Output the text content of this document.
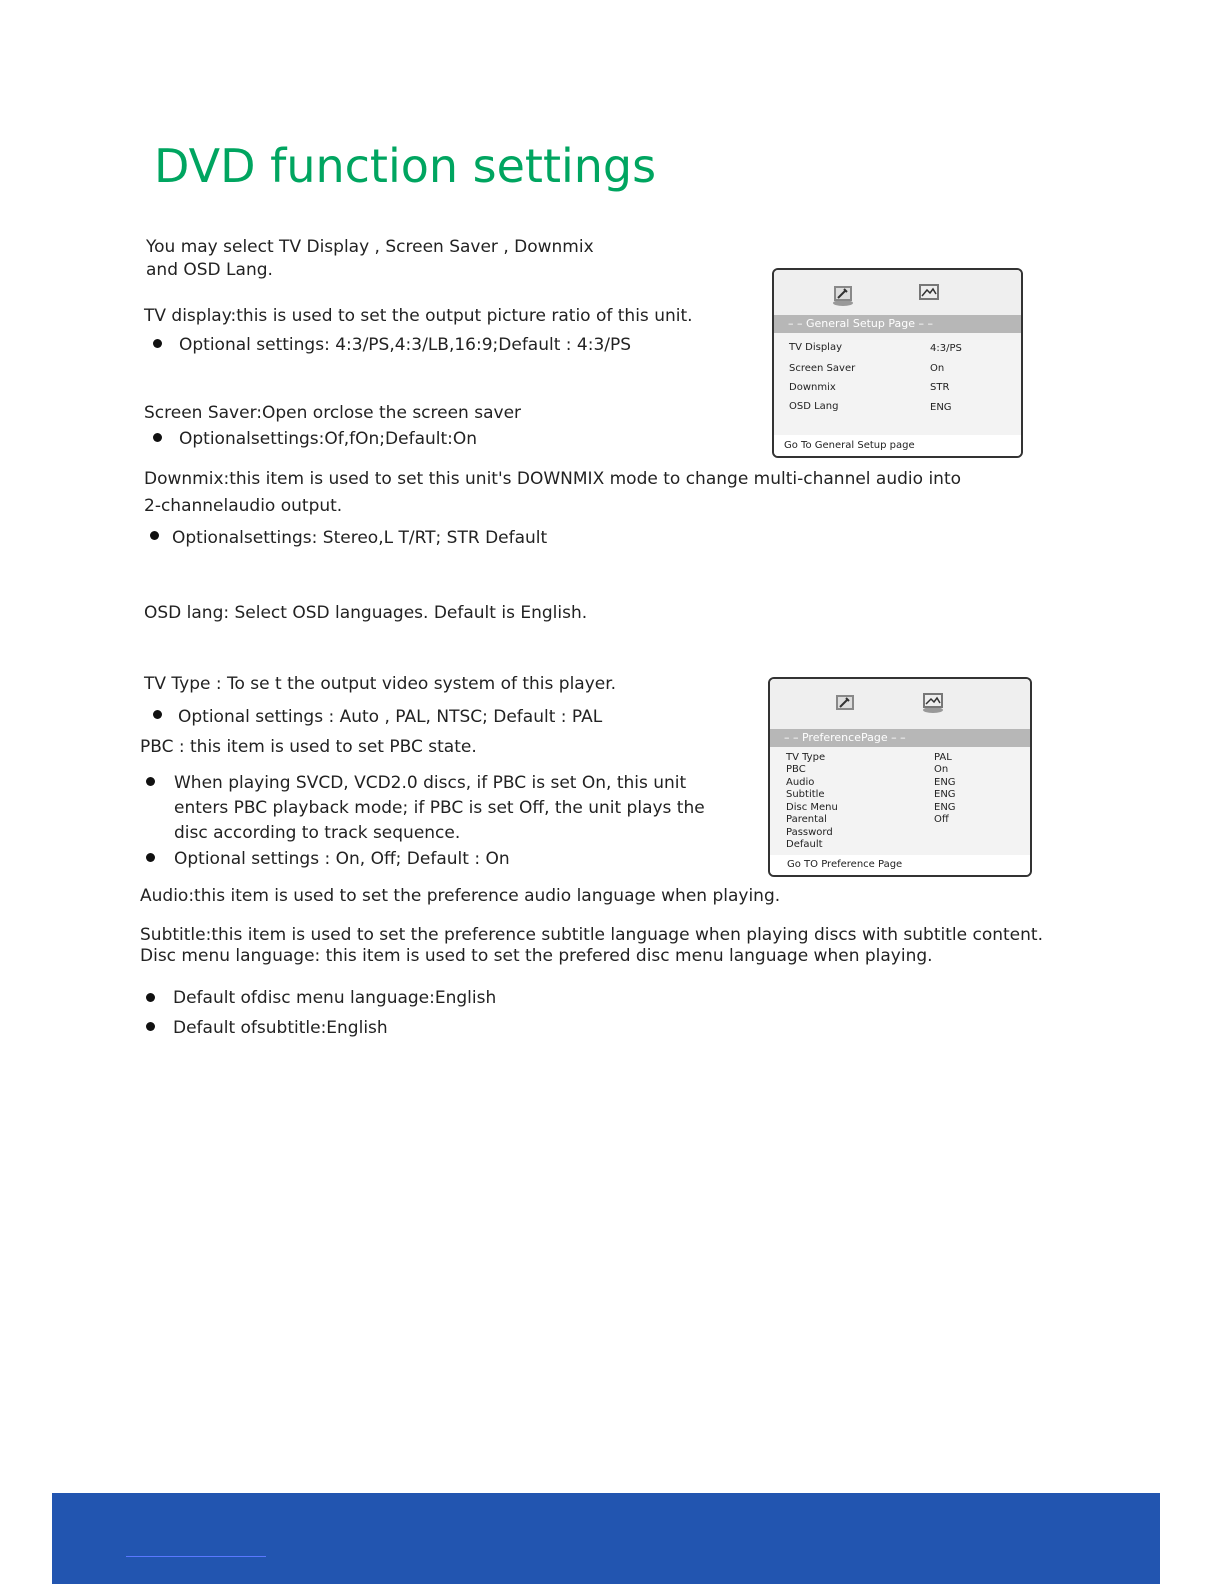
DVD function settings
You may select TV Display , Screen Saver , Downmix
and OSD Lang.
TV display:this is used to set the output picture ratio of this unit.
Optional settings: 4:3/PS,4:3/LB,16:9;Default : 4:3/PS
Screen Saver:Open orclose the screen saver
Optionalsettings:Of,fOn;Default:On
Downmix:this item is used to set this unit's DOWNMIX mode to change multi-channel audio into
2-channelaudio output.
Optionalsettings: Stereo,L T/RT; STR Default
OSD lang: Select OSD languages. Default is English.
TV Type : To se t the output video system of this player.
Optional settings : Auto , PAL, NTSC; Default : PAL
PBC : this item is used to set PBC state.
When playing SVCD, VCD2.0 discs, if PBC is set On, this unit
enters PBC playback mode; if PBC is set Off, the unit plays the
disc according to track sequence.
Optional settings : On, Off; Default : On
Audio:this item is used to set the preference audio language when playing.
Subtitle:this item is used to set the preference subtitle language when playing discs with subtitle content.
Disc menu language: this item is used to set the prefered disc menu language when playing.
Default ofdisc menu language:English
Default ofsubtitle:English
– – General Setup Page – –
TV Display	4:3/PS
Screen Saver	On
Downmix	STR
OSD Lang	ENG
Go To General Setup page
– – PreferencePage – –
TV Type	PAL
PBC	On
Audio	ENG
Subtitle	ENG
Disc Menu	ENG
Parental	Off
Password
Default
Go TO Preference Page
